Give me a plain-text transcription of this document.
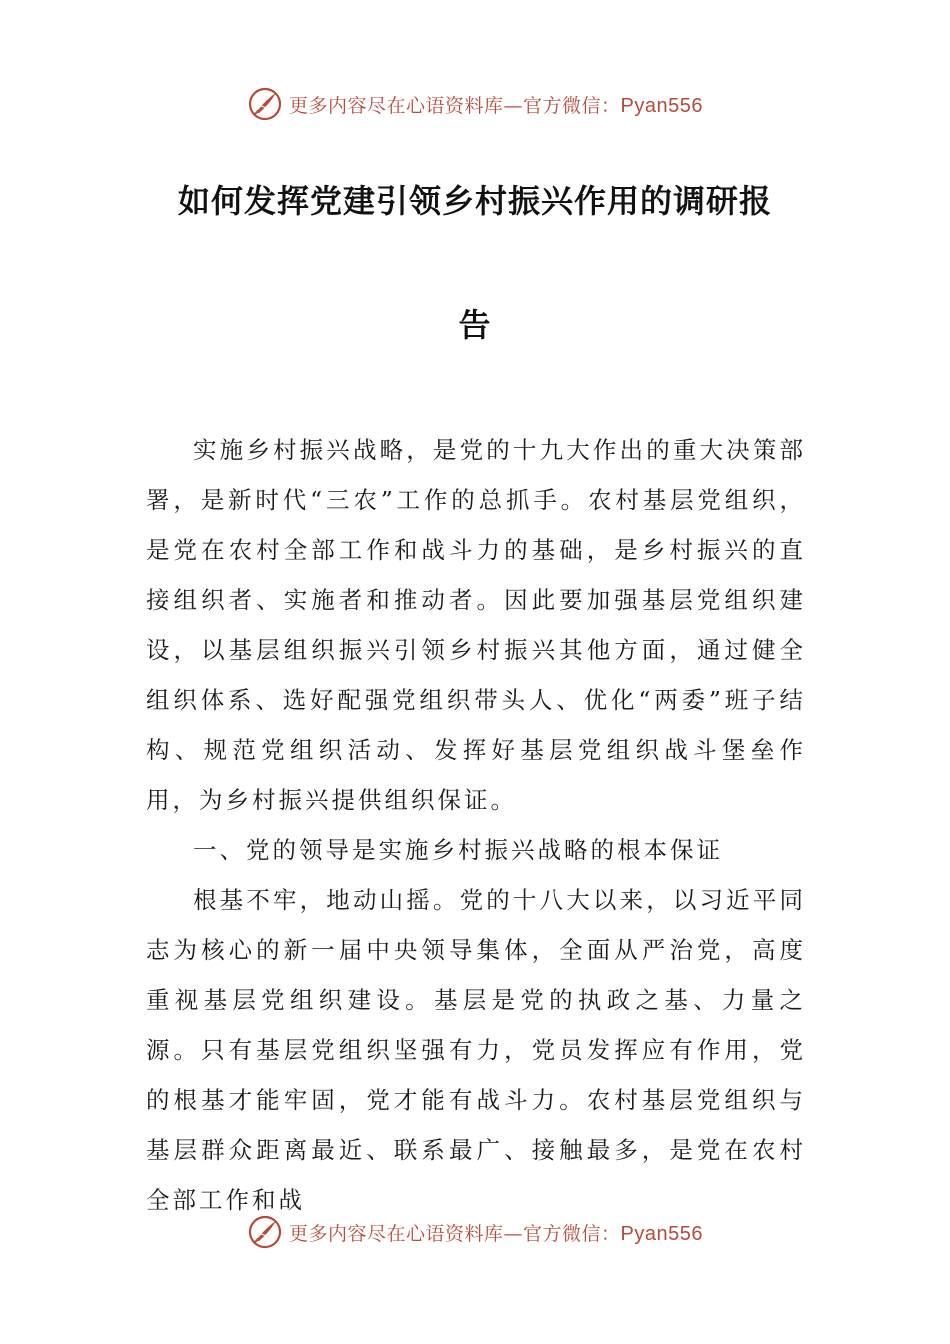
更多内容尽在心语资料库—官方微信：Pyan556
如何发挥党建引领乡村振兴作用的调研报
告

实施乡村振兴战略，是党的十九大作出的重大决策部署，是新时代“三农”工作的总抓手。农村基层党组织，是党在农村全部工作和战斗力的基础，是乡村振兴的直接组织者、实施者和推动者。因此要加强基层党组织建设，以基层组织振兴引领乡村振兴其他方面，通过健全组织体系、选好配强党组织带头人、优化“两委”班子结构、规范党组织活动、发挥好基层党组织战斗堡垒作用，为乡村振兴提供组织保证。

一、党的领导是实施乡村振兴战略的根本保证

根基不牢，地动山摇。党的十八大以来，以习近平同志为核心的新一届中央领导集体，全面从严治党，高度重视基层党组织建设。基层是党的执政之基、力量之源。只有基层党组织坚强有力，党员发挥应有作用，党的根基才能牢固，党才能有战斗力。农村基层党组织与基层群众距离最近、联系最广、接触最多，是党在农村全部工作和战

更多内容尽在心语资料库—官方微信：Pyan556
